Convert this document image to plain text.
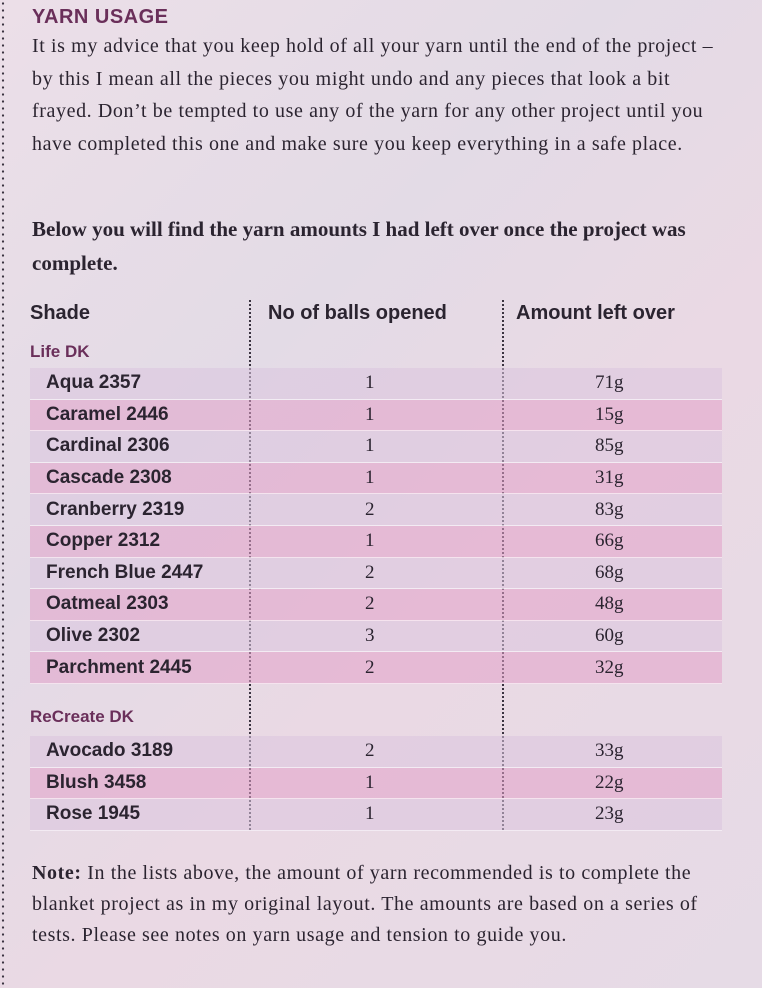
YARN USAGE

It is my advice that you keep hold of all your yarn until the end of the project – by this I mean all the pieces you might undo and any pieces that look a bit frayed. Don’t be tempted to use any of the yarn for any other project until you have completed this one and make sure you keep everything in a safe place.

Below you will find the yarn amounts I had left over once the project was complete.

Shade	No of balls opened	Amount left over
Life DK
Aqua 2357	1	71g
Caramel 2446	1	15g
Cardinal 2306	1	85g
Cascade 2308	1	31g
Cranberry 2319	2	83g
Copper 2312	1	66g
French Blue 2447	2	68g
Oatmeal 2303	2	48g
Olive 2302	3	60g
Parchment 2445	2	32g
ReCreate DK
Avocado 3189	2	33g
Blush 3458	1	22g
Rose 1945	1	23g

Note: In the lists above, the amount of yarn recommended is to complete the blanket project as in my original layout. The amounts are based on a series of tests. Please see notes on yarn usage and tension to guide you.
